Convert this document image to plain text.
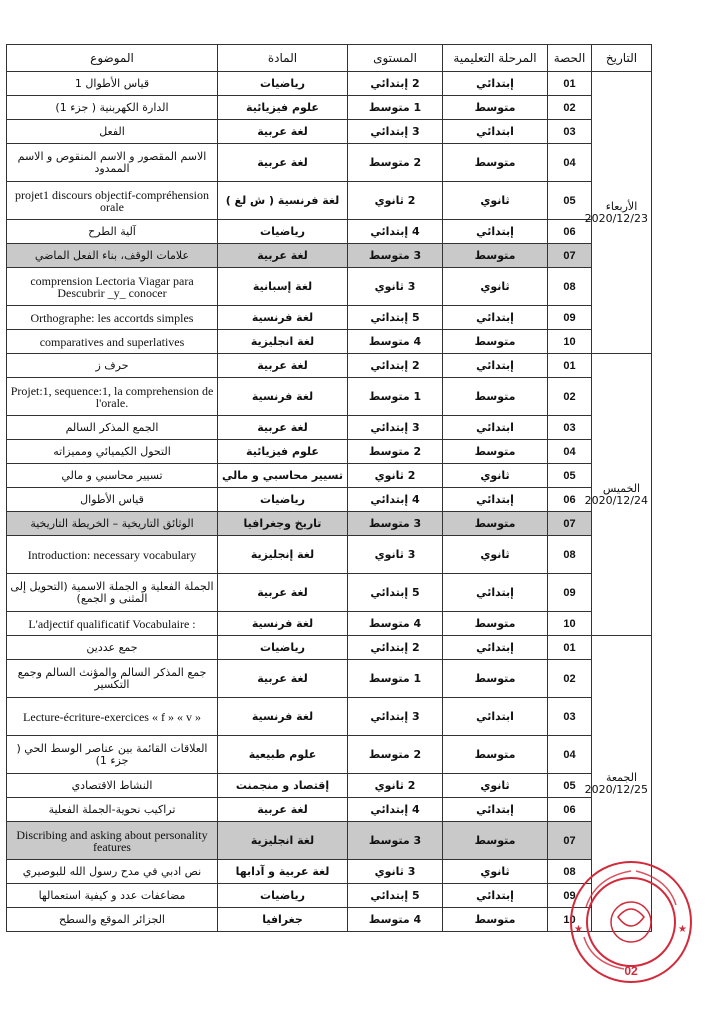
التاريخ	الحصة	المرحلة التعليمية	المستوى	المادة	الموضوع

الأربعاء
2020/12/23	01	إبتدائي	2 إبتدائي	رياضيات	قياس الأطوال 1
	02	متوسط	1 متوسط	علوم فيزيائية	الدارة الكهربنية ( جزء 1)
	03	ابتدائي	3 إبتدائي	لغة عربية	الفعل
	04	متوسط	2 متوسط	لغة عربية	الاسم المقصور و الاسم المنقوص و الاسم الممدود
	05	ثانوي	2 ثانوي	لغة فرنسية ( ش لغ )	projet1 discours objectif-compréhension orale
	06	إبتدائي	4 إبتدائي	رياضيات	آلية الطرح
	07	متوسط	3 متوسط	لغة عربية	علامات الوقف، بناء الفعل الماضي
	08	ثانوي	3 ثانوي	لغة إسبانية	comprension Lectoria Viagar para Descubrir _y_ conocer
	09	إبتدائي	5 إبتدائي	لغة فرنسية	Orthographe: les accortds simples
	10	متوسط	4 متوسط	لغة انجليزية	comparatives and superlatives

الخميس
2020/12/24	01	إبتدائي	2 إبتدائي	لغة عربية	حرف ز
	02	متوسط	1 متوسط	لغة فرنسية	Projet:1, sequence:1, la comprehension de l'orale.
	03	ابتدائي	3 إبتدائي	لغة عربية	الجمع المذكر السالم
	04	متوسط	2 متوسط	علوم فيزيائية	التحول الكيميائي ومميزاته
	05	ثانوي	2 ثانوي	تسيير محاسبي و مالي	تسيير محاسبي و مالي
	06	إبتدائي	4 إبتدائي	رياضيات	قياس الأطوال
	07	متوسط	3 متوسط	تاريخ وجغرافيا	الوثائق التاريخية – الخريطة التاريخية
	08	ثانوي	3 ثانوي	لغة إنجليزية	Introduction: necessary vocabulary
	09	إبتدائي	5 إبتدائي	لغة عربية	الجملة الفعلية و الجملة الاسمية (التحويل إلى المثنى و الجمع)
	10	متوسط	4 متوسط	لغة فرنسية	L'adjectif qualificatif Vocabulaire :

الجمعة
2020/12/25	01	إبتدائي	2 إبتدائي	رياضيات	جمع عددين
	02	متوسط	1 متوسط	لغة عربية	جمع المذكر السالم والمؤنث السالم وجمع التكسير
	03	ابتدائي	3 إبتدائي	لغة فرنسية	Lecture-écriture-exercices « f » « v »
	04	متوسط	2 متوسط	علوم طبيعية	العلاقات القائمة بين عناصر الوسط الحي ( جزء 1)
	05	ثانوي	2 ثانوي	إقتصاد و منجمنت	النشاط الاقتصادي
	06	إبتدائي	4 إبتدائي	لغة عربية	تراكيب نحوية-الجملة الفعلية
	07	متوسط	3 متوسط	لغة انجليزية	Discribing and asking about personality features
	08	ثانوي	3 ثانوي	لغة عربية و آدابها	نص ادبي في مدح رسول الله للبوصيري
	09	إبتدائي	5 إبتدائي	رياضيات	مضاعفات عدد و كيفية استعمالها
	10	متوسط	4 متوسط	جغرافيا	الجزائر الموقع والسطح
★	★
02
